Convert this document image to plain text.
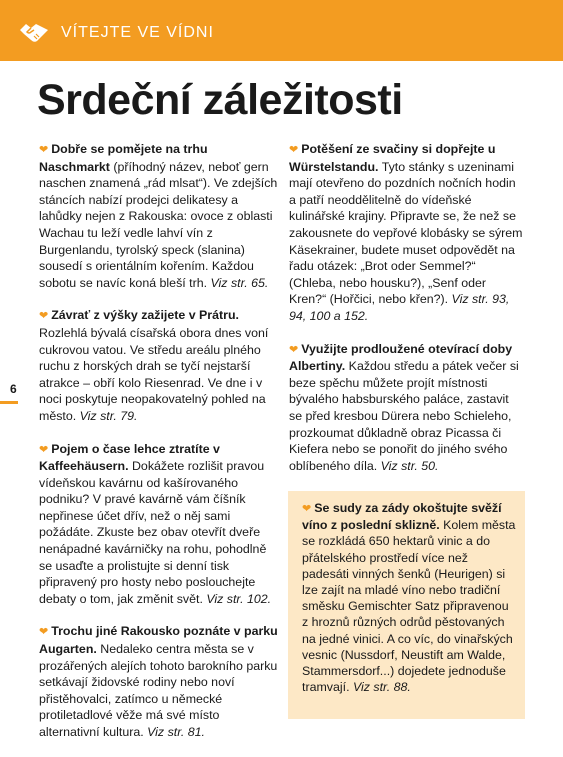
VÍTEJTE VE VÍDNI
Srdeční záležitosti
6

❤ Dobře se pomějete na trhu Naschmarkt (příhodný název, neboť gern naschen znamená „rád mlsat“). Ve zdejších stáncích nabízí prodejci delikatesy a lahůdky nejen z Rakouska: ovoce z oblasti Wachau tu leží vedle lahví vín z Burgenlandu, tyrolský speck (slanina) sousedí s orientálním kořením. Každou sobotu se navíc koná bleší trh. Viz str. 65.

❤ Závrať z výšky zažijete v Prátru. Rozlehlá bývalá císařská obora dnes voní cukrovou vatou. Ve středu areálu plného ruchu z horských drah se tyčí nejstarší atrakce – obří kolo Riesenrad. Ve dne i v noci poskytuje neopakovatelný pohled na město. Viz str. 79.

❤ Pojem o čase lehce ztratíte v Kaffeehäusern. Dokážete rozlišit pravou vídeňskou kavárnu od kašírovaného podniku? V pravé kavárně vám číšník nepřinese účet dřív, než o něj sami požádáte. Zkuste bez obav otevřít dveře nenápadné kavárničky na rohu, pohodlně se usaďte a prolistujte si denní tisk připravený pro hosty nebo poslouchejte debaty o tom, jak změnit svět. Viz str. 102.

❤ Trochu jiné Rakousko poznáte v parku Augarten. Nedaleko centra města se v prozářených alejích tohoto barokního parku setkávají židovské rodiny nebo noví přistěhovalci, zatímco u německé protiletadlové věže má své místo alternativní kultura. Viz str. 81.

❤ Potěšení ze svačiny si dopřejte u Würstelstandu. Tyto stánky s uzeninami mají otevřeno do pozdních nočních hodin a patří neoddělitelně do vídeňské kulinářské krajiny. Připravte se, že než se zakousnete do vepřové klobásky se sýrem Käsekrainer, budete muset odpovědět na řadu otázek: „Brot oder Semmel?“ (Chleba, nebo housku?), „Senf oder Kren?“ (Hořčici, nebo křen?). Viz str. 93, 94, 100 a 152.

❤ Využijte prodloužené otevírací doby Albertiny. Každou středu a pátek večer si beze spěchu můžete projít místnosti bývalého habsburského paláce, zastavit se před kresbou Dürera nebo Schieleho, prozkoumat důkladně obraz Picassa či Kiefera nebo se ponořit do jiného svého oblíbeného díla. Viz str. 50.

❤ Se sudy za zády okoštujte svěží víno z poslední sklizně. Kolem města se rozkládá 650 hektarů vinic a do přátelského prostředí více než padesáti vinných šenků (Heurigen) si lze zajít na mladé víno nebo tradiční směsku Gemischter Satz připravenou z hroznů různých odrůd pěstovaných na jedné vinici. A co víc, do vinařských vesnic (Nussdorf, Neustift am Walde, Stammersdorf...) dojedete jednoduše tramvají. Viz str. 88.
